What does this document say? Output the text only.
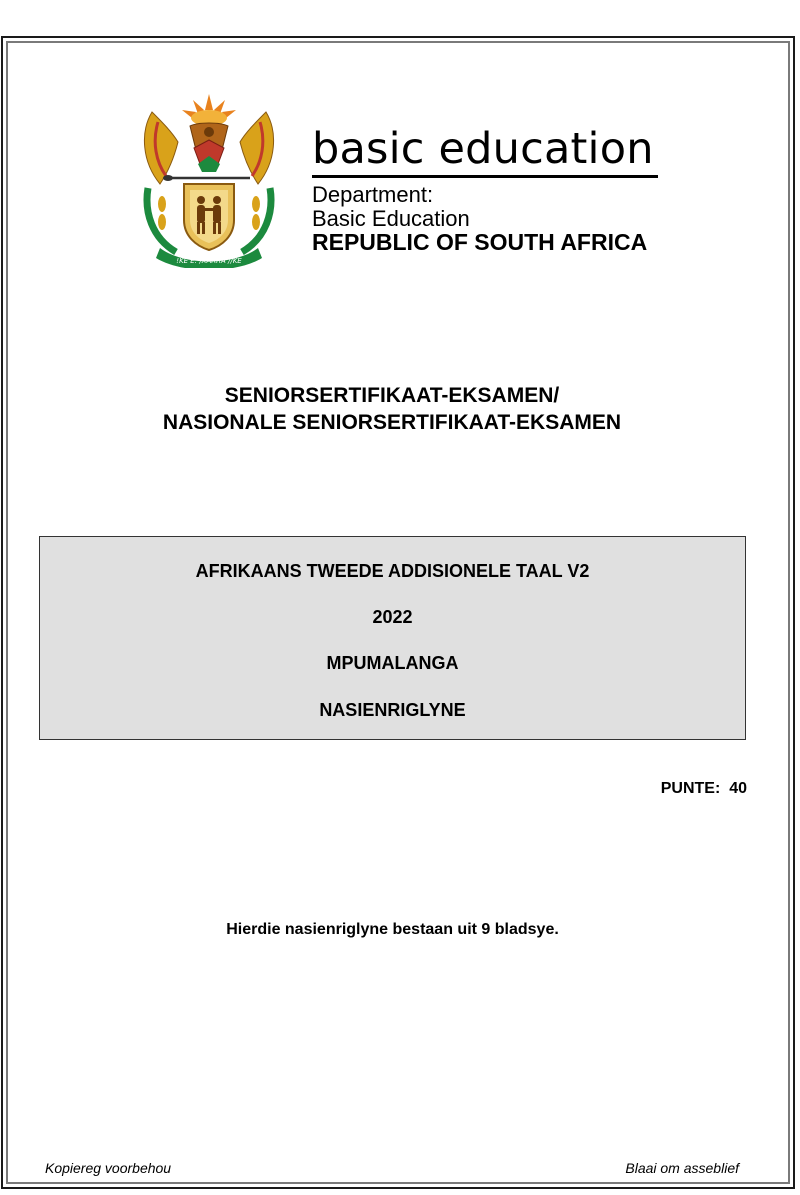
!KE E: /XARRA //KE
basic education
Department:
Basic Education
REPUBLIC OF SOUTH AFRICA
SENIORSERTIFIKAAT-EKSAMEN/
NASIONALE SENIORSERTIFIKAAT-EKSAMEN
AFRIKAANS TWEEDE ADDISIONELE TAAL V2
2022
MPUMALANGA
NASIENRIGLYNE
PUNTE:  40
Hierdie nasienriglyne bestaan uit 9 bladsye.
Kopiereg voorbehou	Blaai om asseblief
